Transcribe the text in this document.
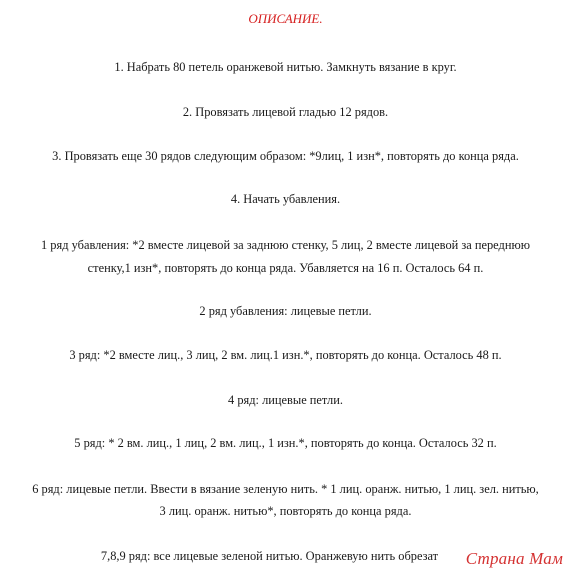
ОПИСАНИЕ.
1. Набрать 80 петель оранжевой нитью. Замкнуть вязание в круг.
2. Провязать лицевой гладью 12 рядов.
3. Провязать еще 30 рядов следующим образом: *9лиц, 1 изн*, повторять до конца ряда.
4. Начать убавления.
1 ряд убавления: *2 вместе лицевой за заднюю стенку, 5 лиц, 2 вместе лицевой за переднюю
стенку,1 изн*, повторять до конца ряда. Убавляется на 16 п. Осталось 64 п.
2 ряд убавления: лицевые петли.
3 ряд: *2 вместе лиц., 3 лиц, 2 вм. лиц.1 изн.*, повторять до конца. Осталось 48 п.
4 ряд: лицевые петли.
5 ряд: * 2 вм. лиц., 1 лиц, 2 вм. лиц., 1 изн.*, повторять до конца. Осталось 32 п.
6 ряд: лицевые петли. Ввести в вязание зеленую нить. * 1 лиц. оранж. нитью, 1 лиц. зел. нитью,
3 лиц. оранж. нитью*, повторять до конца ряда.
7,8,9 ряд: все лицевые зеленой нитью. Оранжевую нить обрезат	Страна Мам
